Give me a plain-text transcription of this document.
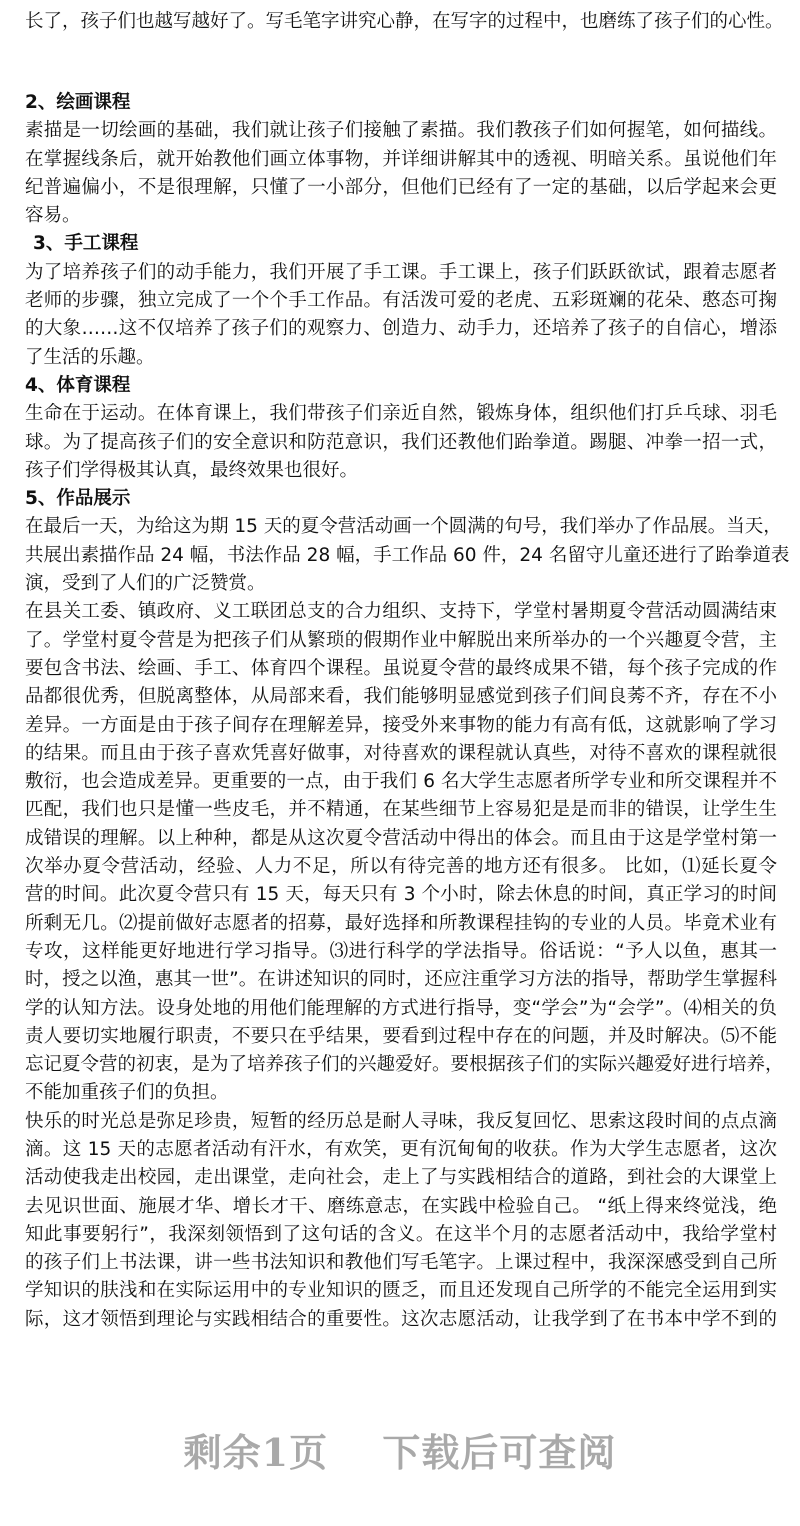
长了，孩子们也越写越好了。写毛笔字讲究心静，在写字的过程中，也磨练了孩子们的心性。
2、绘画课程
素描是一切绘画的基础，我们就让孩子们接触了素描。我们教孩子们如何握笔，如何描线。
在掌握线条后，就开始教他们画立体事物，并详细讲解其中的透视、明暗关系。虽说他们年
纪普遍偏小，不是很理解，只懂了一小部分，但他们已经有了一定的基础，以后学起来会更
容易。
3、手工课程
为了培养孩子们的动手能力，我们开展了手工课。手工课上，孩子们跃跃欲试，跟着志愿者
老师的步骤，独立完成了一个个手工作品。有活泼可爱的老虎、五彩斑斓的花朵、憨态可掬
的大象……这不仅培养了孩子们的观察力、创造力、动手力，还培养了孩子的自信心，增添
了生活的乐趣。
4、体育课程
生命在于运动。在体育课上，我们带孩子们亲近自然，锻炼身体，组织他们打乒乓球、羽毛
球。为了提高孩子们的安全意识和防范意识，我们还教他们跆拳道。踢腿、冲拳一招一式，
孩子们学得极其认真，最终效果也很好。
5、作品展示
在最后一天，为给这为期 15 天的夏令营活动画一个圆满的句号，我们举办了作品展。当天，
共展出素描作品 24 幅，书法作品 28 幅，手工作品 60 件，24 名留守儿童还进行了跆拳道表
演，受到了人们的广泛赞赏。
在县关工委、镇政府、义工联团总支的合力组织、支持下，学堂村暑期夏令营活动圆满结束
了。学堂村夏令营是为把孩子们从繁琐的假期作业中解脱出来所举办的一个兴趣夏令营，主
要包含书法、绘画、手工、体育四个课程。虽说夏令营的最终成果不错，每个孩子完成的作
品都很优秀，但脱离整体，从局部来看，我们能够明显感觉到孩子们间良莠不齐，存在不小
差异。一方面是由于孩子间存在理解差异，接受外来事物的能力有高有低，这就影响了学习
的结果。而且由于孩子喜欢凭喜好做事，对待喜欢的课程就认真些，对待不喜欢的课程就很
敷衍，也会造成差异。更重要的一点，由于我们 6 名大学生志愿者所学专业和所交课程并不
匹配，我们也只是懂一些皮毛，并不精通，在某些细节上容易犯是是而非的错误，让学生生
成错误的理解。以上种种，都是从这次夏令营活动中得出的体会。而且由于这是学堂村第一
次举办夏令营活动，经验、人力不足，所以有待完善的地方还有很多。 比如，⑴延长夏令
营的时间。此次夏令营只有 15 天，每天只有 3 个小时，除去休息的时间，真正学习的时间
所剩无几。⑵提前做好志愿者的招募，最好选择和所教课程挂钩的专业的人员。毕竟术业有
专攻，这样能更好地进行学习指导。⑶进行科学的学法指导。俗话说：“予人以鱼，惠其一
时，授之以渔，惠其一世”。在讲述知识的同时，还应注重学习方法的指导，帮助学生掌握科
学的认知方法。设身处地的用他们能理解的方式进行指导，变“学会”为“会学”。⑷相关的负
责人要切实地履行职责，不要只在乎结果，要看到过程中存在的问题，并及时解决。⑸不能
忘记夏令营的初衷，是为了培养孩子们的兴趣爱好。要根据孩子们的实际兴趣爱好进行培养，
不能加重孩子们的负担。
快乐的时光总是弥足珍贵，短暂的经历总是耐人寻味，我反复回忆、思索这段时间的点点滴
滴。这 15 天的志愿者活动有汗水，有欢笑，更有沉甸甸的收获。作为大学生志愿者，这次
活动使我走出校园，走出课堂，走向社会，走上了与实践相结合的道路，到社会的大课堂上
去见识世面、施展才华、增长才干、磨练意志，在实践中检验自己。 “纸上得来终觉浅，绝
知此事要躬行”，我深刻领悟到了这句话的含义。在这半个月的志愿者活动中，我给学堂村
的孩子们上书法课，讲一些书法知识和教他们写毛笔字。上课过程中，我深深感受到自己所
学知识的肤浅和在实际运用中的专业知识的匮乏，而且还发现自己所学的不能完全运用到实
际，这才领悟到理论与实践相结合的重要性。这次志愿活动，让我学到了在书本中学不到的
剩余1页 下载后可查阅
